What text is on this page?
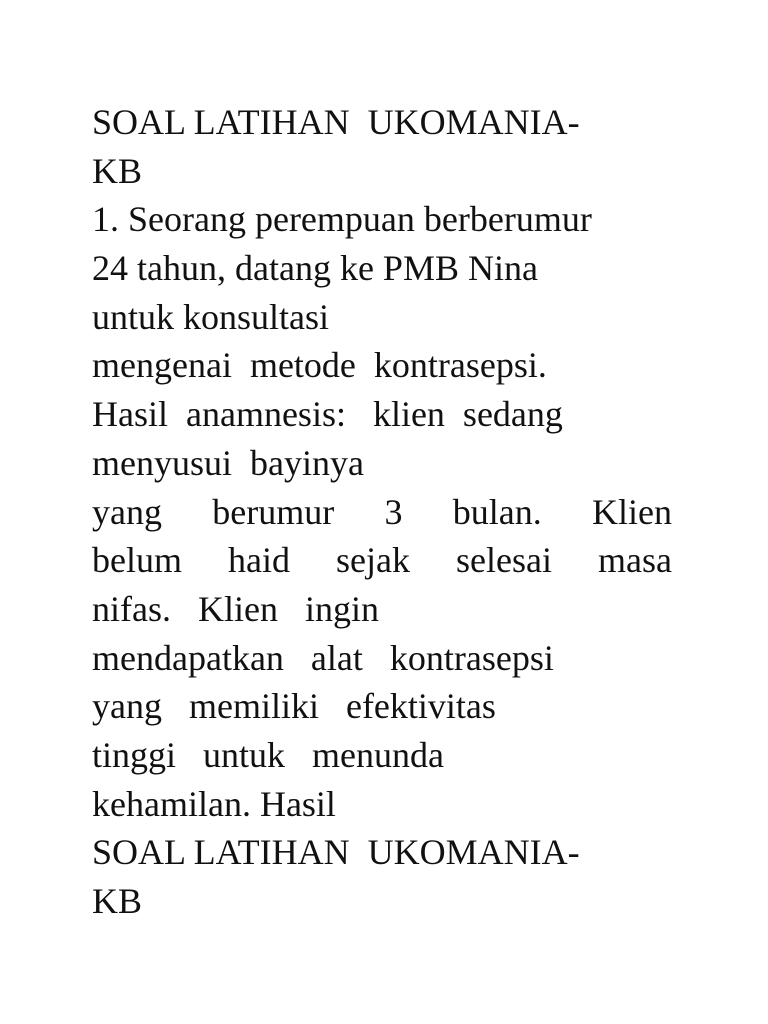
SOAL LATIHAN  UKOMANIA-
KB
1. Seorang perempuan berberumur
24 tahun, datang ke PMB Nina
untuk konsultasi
mengenai  metode  kontrasepsi.
Hasil  anamnesis:   klien  sedang
menyusui  bayinya
yang berumur 3 bulan. Klien
belum haid sejak selesai masa
nifas.   Klien   ingin
mendapatkan   alat   kontrasepsi
yang   memiliki   efektivitas
tinggi   untuk   menunda
kehamilan. Hasil
SOAL LATIHAN  UKOMANIA-
KB
